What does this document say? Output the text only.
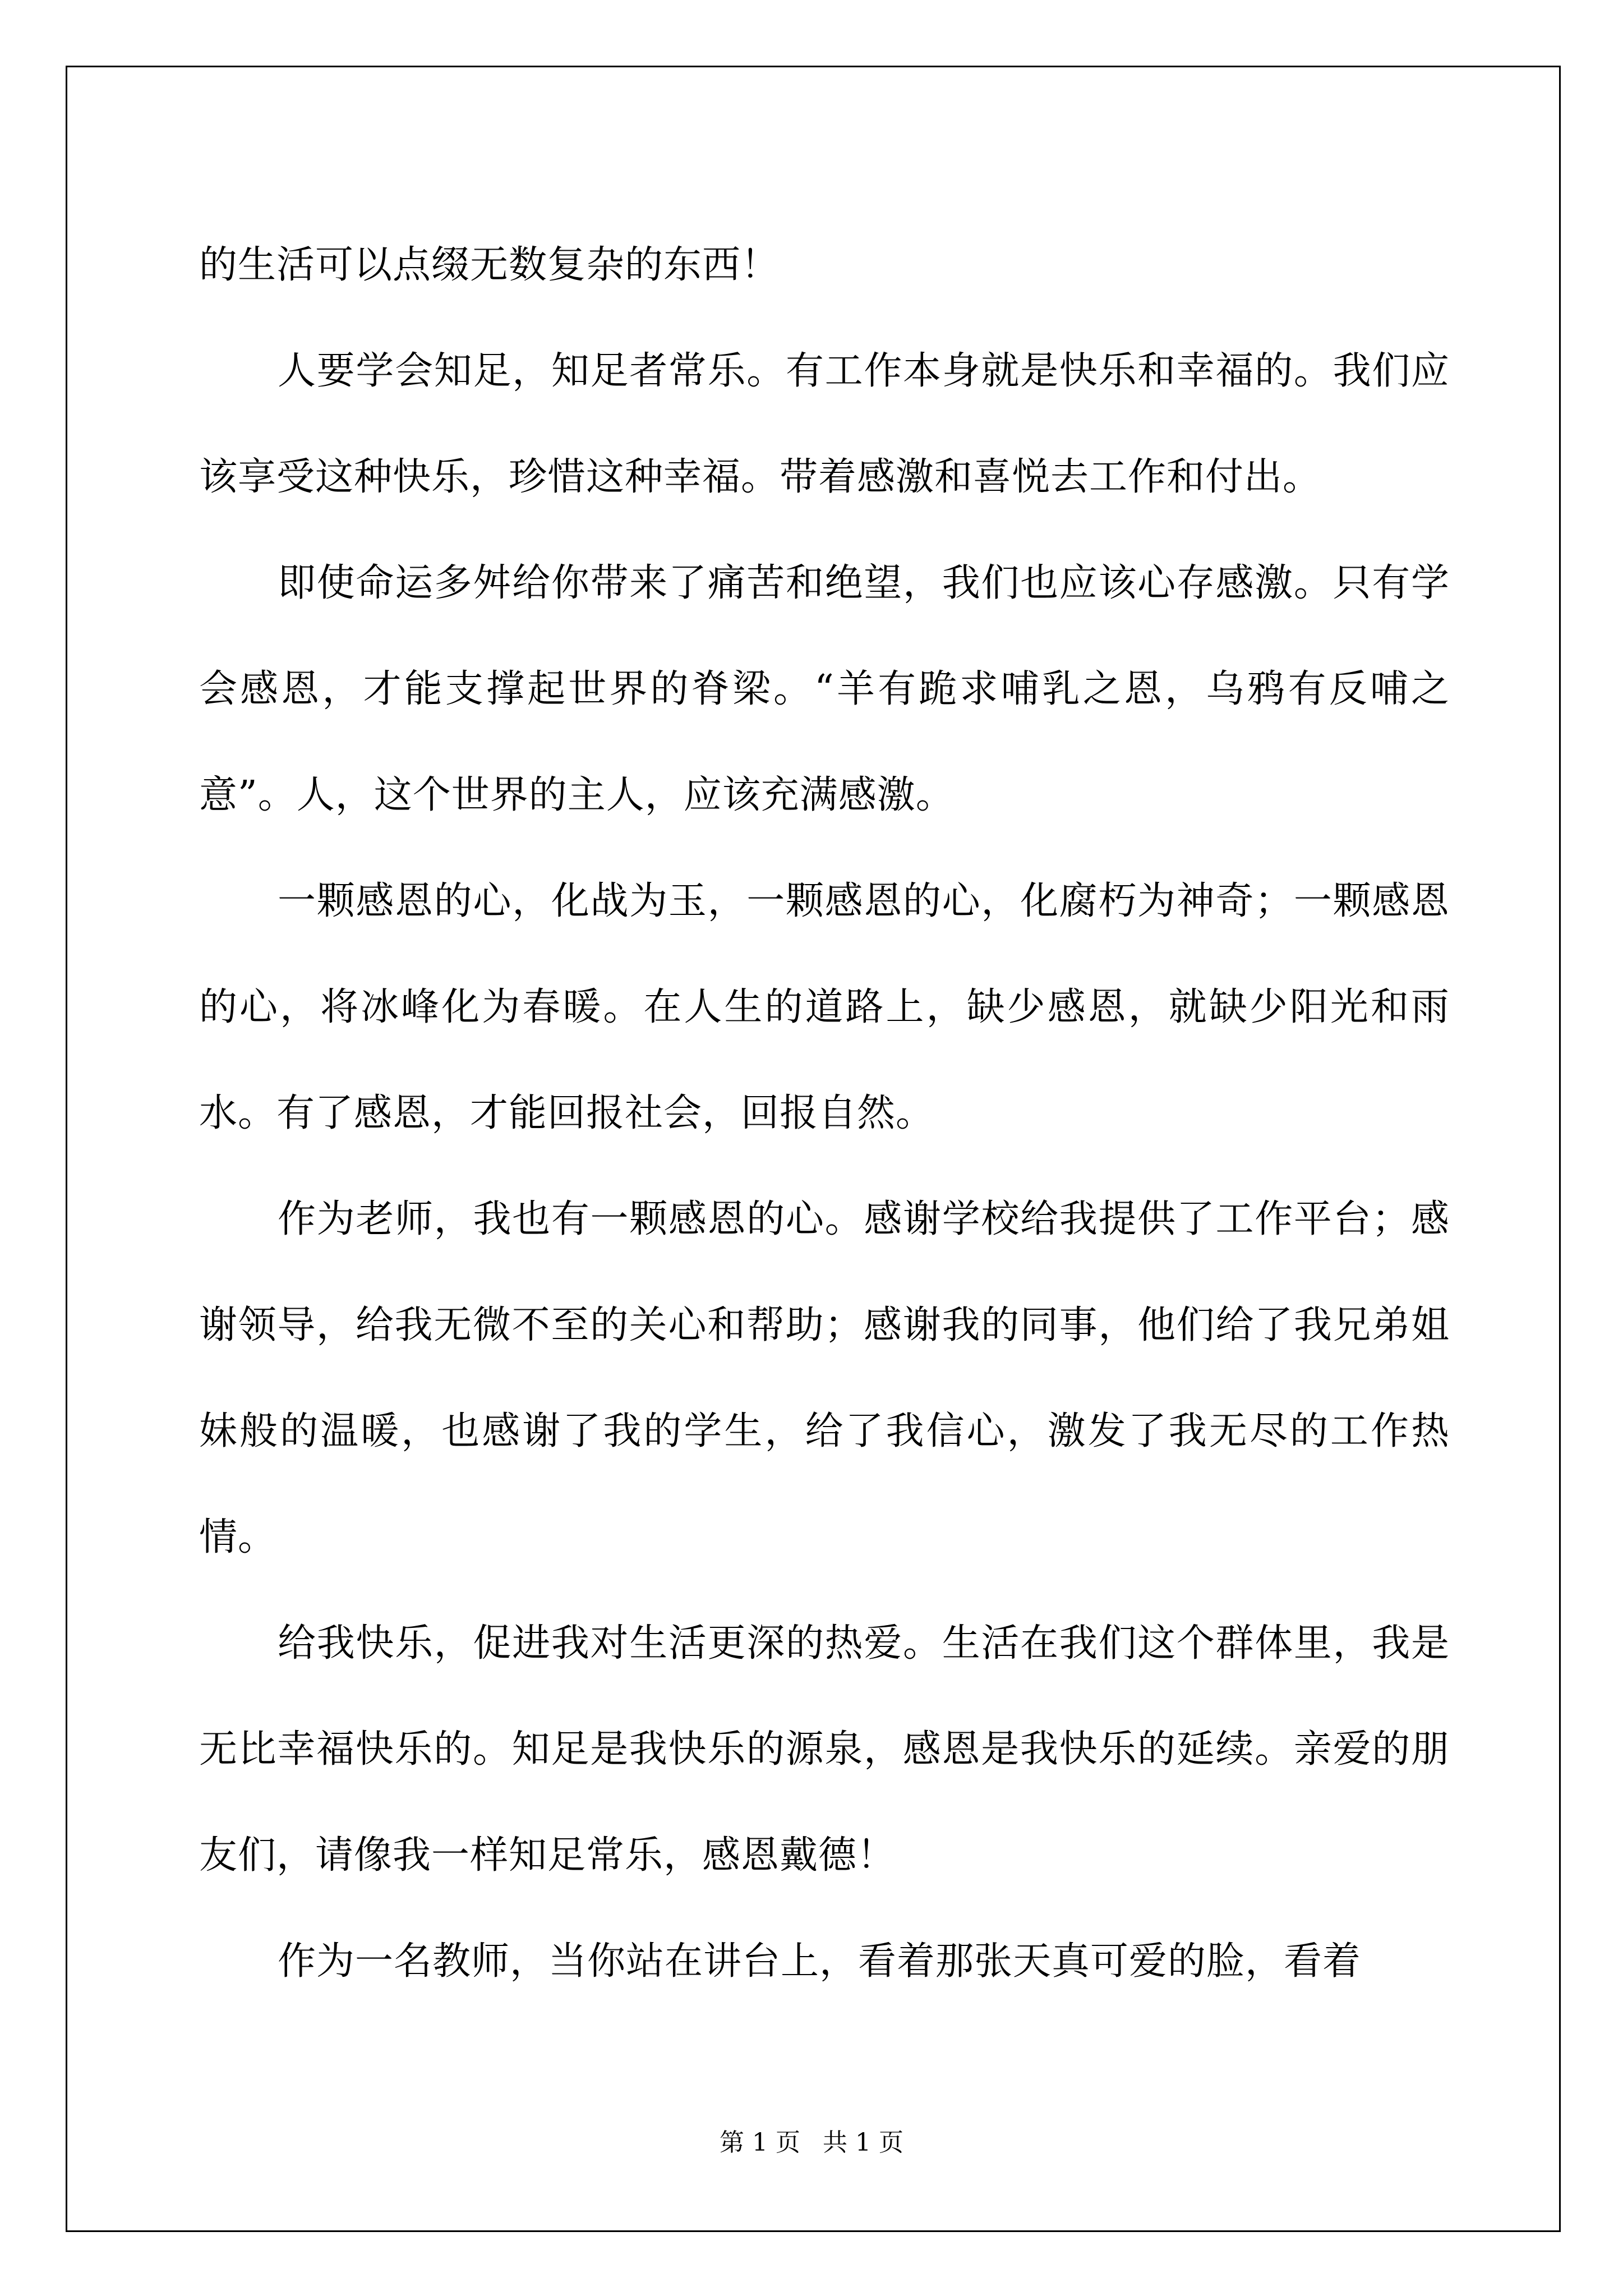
的生活可以点缀无数复杂的东西！

人要学会知足，知足者常乐。有工作本身就是快乐和幸福的。我们应该享受这种快乐，珍惜这种幸福。带着感激和喜悦去工作和付出。

即使命运多舛给你带来了痛苦和绝望，我们也应该心存感激。只有学会感恩，才能支撑起世界的脊梁。“羊有跪求哺乳之恩，乌鸦有反哺之意”。人，这个世界的主人，应该充满感激。

一颗感恩的心，化战为玉，一颗感恩的心，化腐朽为神奇；一颗感恩的心，将冰峰化为春暖。在人生的道路上，缺少感恩，就缺少阳光和雨水。有了感恩，才能回报社会，回报自然。

作为老师，我也有一颗感恩的心。感谢学校给我提供了工作平台；感谢领导，给我无微不至的关心和帮助；感谢我的同事，他们给了我兄弟姐妹般的温暖，也感谢了我的学生，给了我信心，激发了我无尽的工作热情。

给我快乐，促进我对生活更深的热爱。生活在我们这个群体里，我是无比幸福快乐的。知足是我快乐的源泉，感恩是我快乐的延续。亲爱的朋友们，请像我一样知足常乐，感恩戴德！

作为一名教师，当你站在讲台上，看着那张天真可爱的脸，看着

第 1 页 共 1 页
